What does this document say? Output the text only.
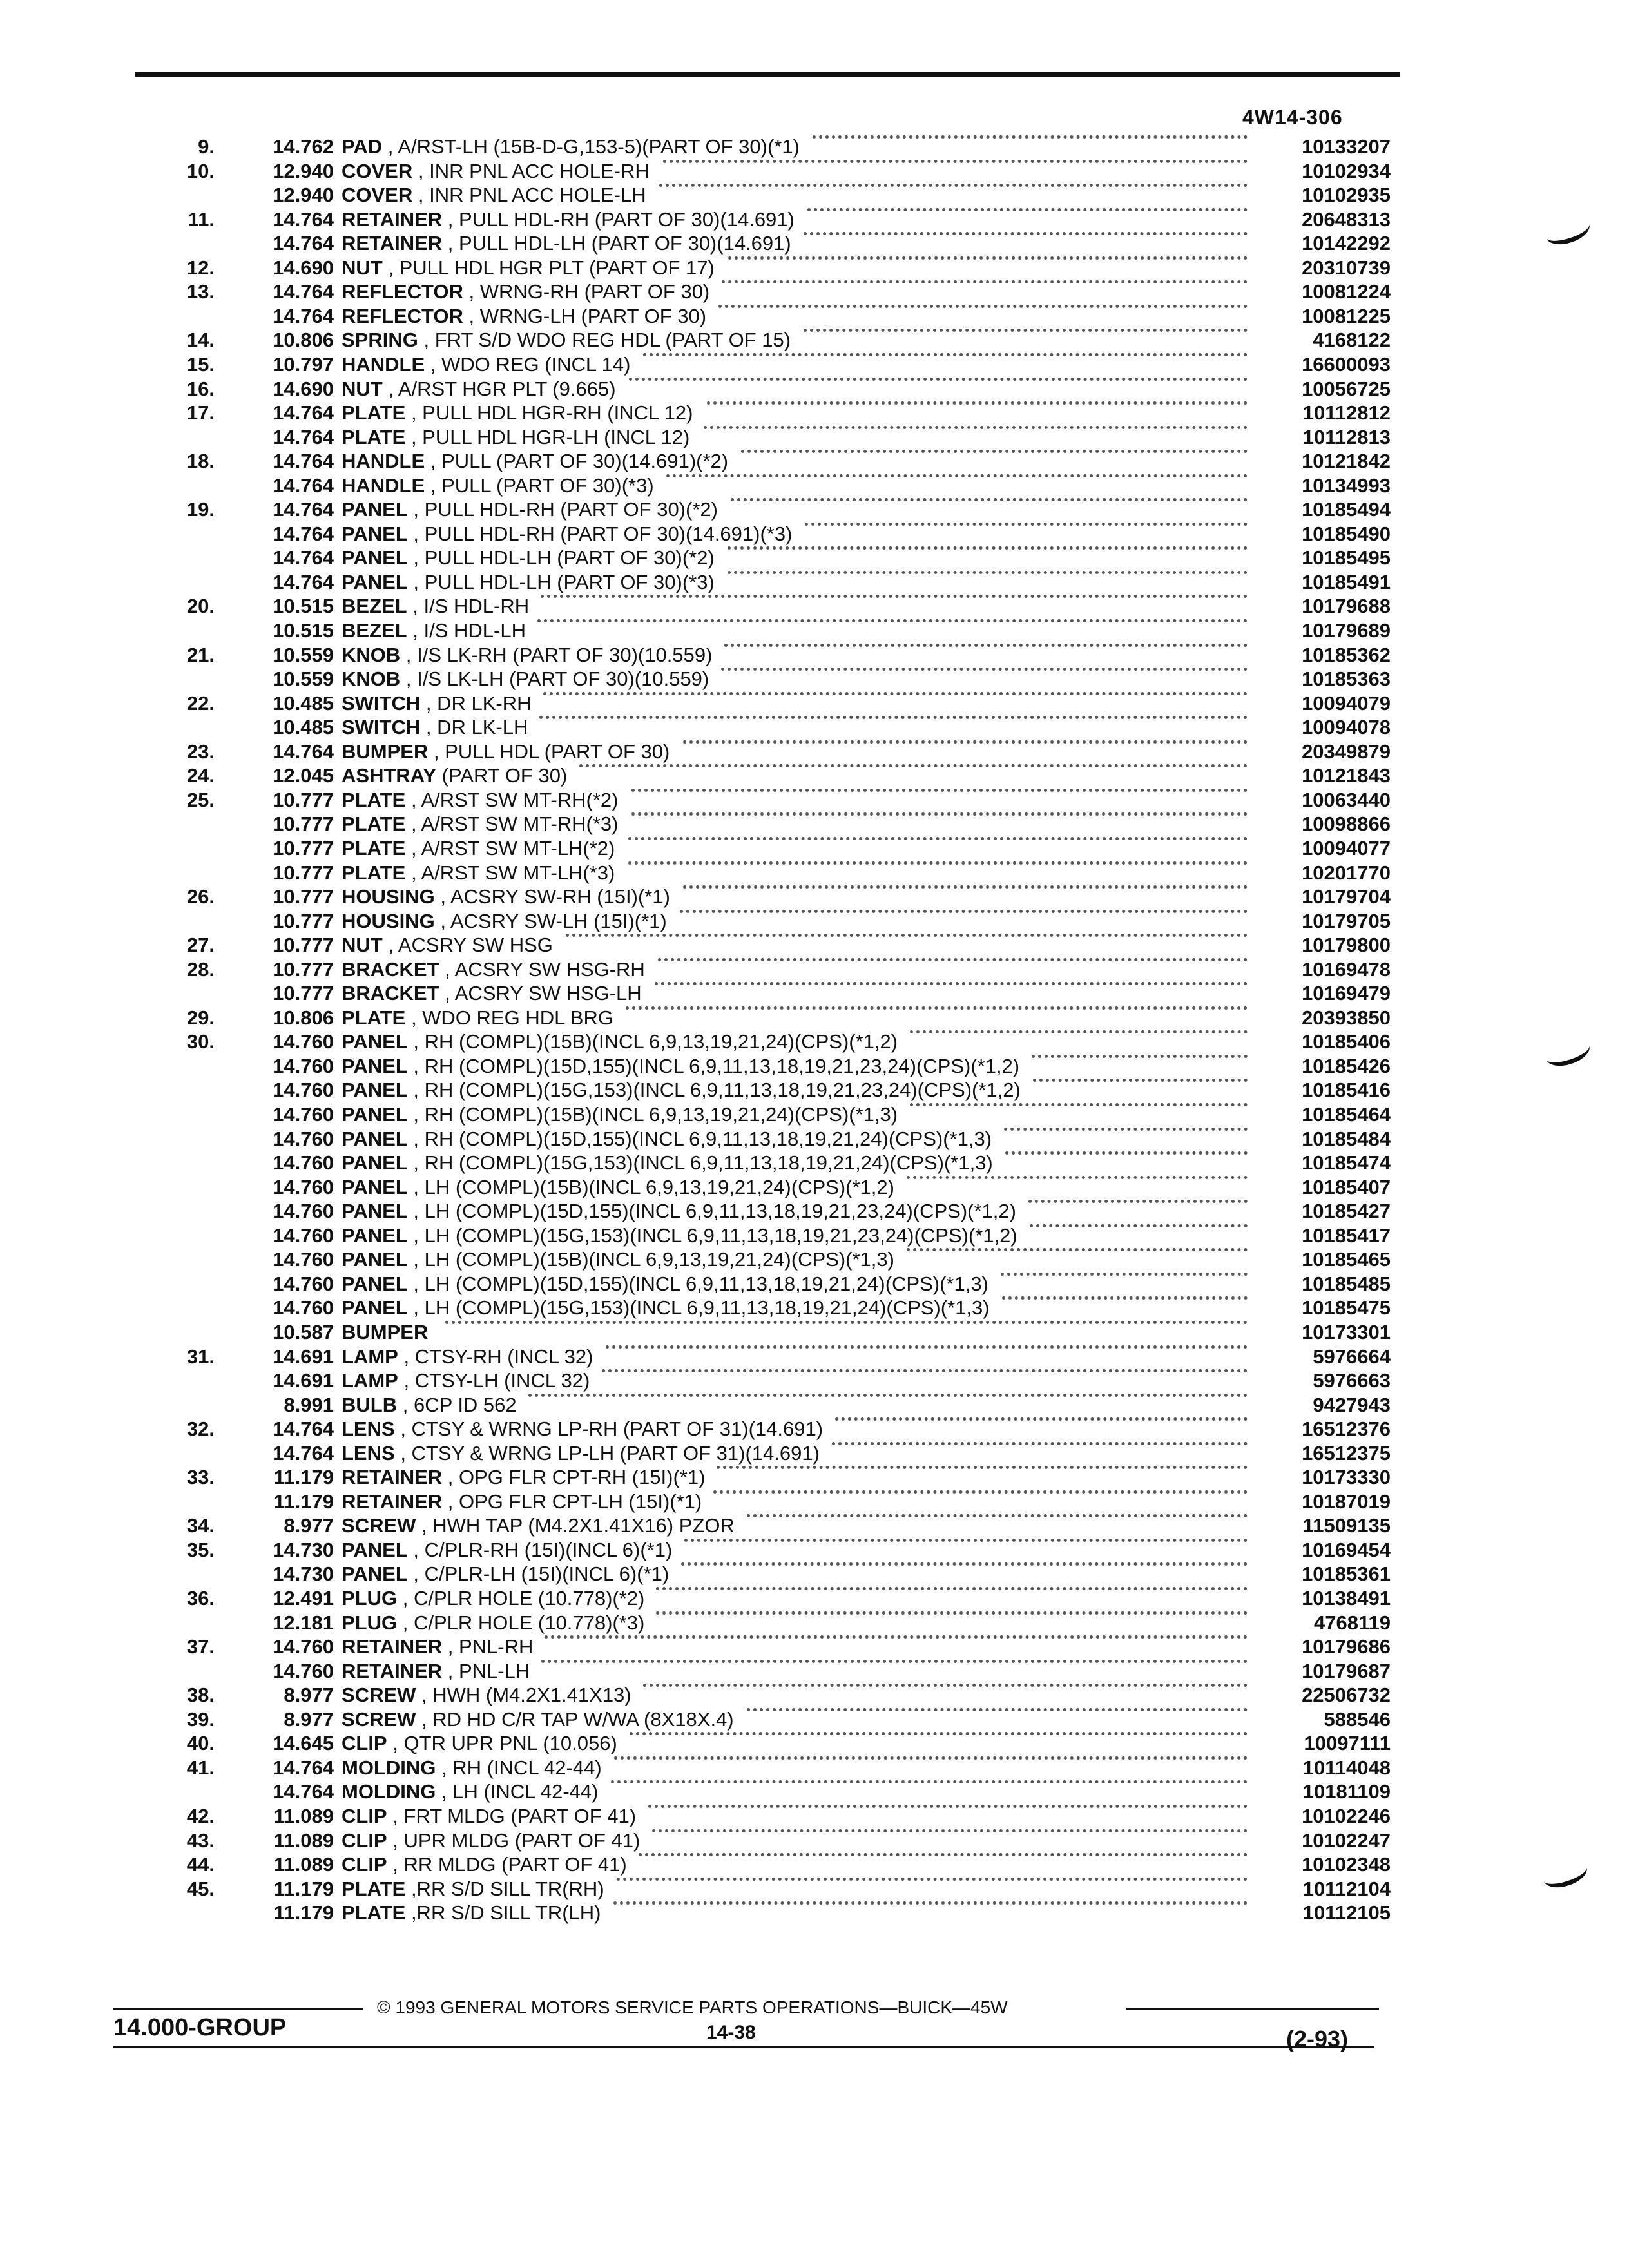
4W14-306
9.	14.762 PAD , A/RST-LH (15B-D-G,153-5)(PART OF 30)(*1)	10133207
10.	12.940 COVER , INR PNL ACC HOLE-RH	10102934
12.940 COVER , INR PNL ACC HOLE-LH	10102935
11.	14.764 RETAINER , PULL HDL-RH (PART OF 30)(14.691)	20648313
14.764 RETAINER , PULL HDL-LH (PART OF 30)(14.691)	10142292
12.	14.690 NUT , PULL HDL HGR PLT (PART OF 17)	20310739
13.	14.764 REFLECTOR , WRNG-RH (PART OF 30)	10081224
14.764 REFLECTOR , WRNG-LH (PART OF 30)	10081225
14.	10.806 SPRING , FRT S/D WDO REG HDL (PART OF 15)	4168122
15.	10.797 HANDLE , WDO REG (INCL 14)	16600093
16.	14.690 NUT , A/RST HGR PLT (9.665)	10056725
17.	14.764 PLATE , PULL HDL HGR-RH (INCL 12)	10112812
14.764 PLATE , PULL HDL HGR-LH (INCL 12)	10112813
18.	14.764 HANDLE , PULL (PART OF 30)(14.691)(*2)	10121842
14.764 HANDLE , PULL (PART OF 30)(*3)	10134993
19.	14.764 PANEL , PULL HDL-RH (PART OF 30)(*2)	10185494
14.764 PANEL , PULL HDL-RH (PART OF 30)(14.691)(*3)	10185490
14.764 PANEL , PULL HDL-LH (PART OF 30)(*2)	10185495
14.764 PANEL , PULL HDL-LH (PART OF 30)(*3)	10185491
20.	10.515 BEZEL , I/S HDL-RH	10179688
10.515 BEZEL , I/S HDL-LH	10179689
21.	10.559 KNOB , I/S LK-RH (PART OF 30)(10.559)	10185362
10.559 KNOB , I/S LK-LH (PART OF 30)(10.559)	10185363
22.	10.485 SWITCH , DR LK-RH	10094079
10.485 SWITCH , DR LK-LH	10094078
23.	14.764 BUMPER , PULL HDL (PART OF 30)	20349879
24.	12.045 ASHTRAY (PART OF 30)	10121843
25.	10.777 PLATE , A/RST SW MT-RH(*2)	10063440
10.777 PLATE , A/RST SW MT-RH(*3)	10098866
10.777 PLATE , A/RST SW MT-LH(*2)	10094077
10.777 PLATE , A/RST SW MT-LH(*3)	10201770
26.	10.777 HOUSING , ACSRY SW-RH (15I)(*1)	10179704
10.777 HOUSING , ACSRY SW-LH (15I)(*1)	10179705
27.	10.777 NUT , ACSRY SW HSG	10179800
28.	10.777 BRACKET , ACSRY SW HSG-RH	10169478
10.777 BRACKET , ACSRY SW HSG-LH	10169479
29.	10.806 PLATE , WDO REG HDL BRG	20393850
30.	14.760 PANEL , RH (COMPL)(15B)(INCL 6,9,13,19,21,24)(CPS)(*1,2)	10185406
14.760 PANEL , RH (COMPL)(15D,155)(INCL 6,9,11,13,18,19,21,23,24)(CPS)(*1,2)	10185426
14.760 PANEL , RH (COMPL)(15G,153)(INCL 6,9,11,13,18,19,21,23,24)(CPS)(*1,2)	10185416
14.760 PANEL , RH (COMPL)(15B)(INCL 6,9,13,19,21,24)(CPS)(*1,3)	10185464
14.760 PANEL , RH (COMPL)(15D,155)(INCL 6,9,11,13,18,19,21,24)(CPS)(*1,3)	10185484
14.760 PANEL , RH (COMPL)(15G,153)(INCL 6,9,11,13,18,19,21,24)(CPS)(*1,3)	10185474
14.760 PANEL , LH (COMPL)(15B)(INCL 6,9,13,19,21,24)(CPS)(*1,2)	10185407
14.760 PANEL , LH (COMPL)(15D,155)(INCL 6,9,11,13,18,19,21,23,24)(CPS)(*1,2)	10185427
14.760 PANEL , LH (COMPL)(15G,153)(INCL 6,9,11,13,18,19,21,23,24)(CPS)(*1,2)	10185417
14.760 PANEL , LH (COMPL)(15B)(INCL 6,9,13,19,21,24)(CPS)(*1,3)	10185465
14.760 PANEL , LH (COMPL)(15D,155)(INCL 6,9,11,13,18,19,21,24)(CPS)(*1,3)	10185485
14.760 PANEL , LH (COMPL)(15G,153)(INCL 6,9,11,13,18,19,21,24)(CPS)(*1,3)	10185475
10.587 BUMPER	10173301
31.	14.691 LAMP , CTSY-RH (INCL 32)	5976664
14.691 LAMP , CTSY-LH (INCL 32)	5976663
8.991 BULB , 6CP ID 562	9427943
32.	14.764 LENS , CTSY & WRNG LP-RH (PART OF 31)(14.691)	16512376
14.764 LENS , CTSY & WRNG LP-LH (PART OF 31)(14.691)	16512375
33.	11.179 RETAINER , OPG FLR CPT-RH (15I)(*1)	10173330
11.179 RETAINER , OPG FLR CPT-LH (15I)(*1)	10187019
34.	8.977 SCREW , HWH TAP (M4.2X1.41X16) PZOR	11509135
35.	14.730 PANEL , C/PLR-RH (15I)(INCL 6)(*1)	10169454
14.730 PANEL , C/PLR-LH (15I)(INCL 6)(*1)	10185361
36.	12.491 PLUG , C/PLR HOLE (10.778)(*2)	10138491
12.181 PLUG , C/PLR HOLE (10.778)(*3)	4768119
37.	14.760 RETAINER , PNL-RH	10179686
14.760 RETAINER , PNL-LH	10179687
38.	8.977 SCREW , HWH (M4.2X1.41X13)	22506732
39.	8.977 SCREW , RD HD C/R TAP W/WA (8X18X.4)	588546
40.	14.645 CLIP , QTR UPR PNL (10.056)	10097111
41.	14.764 MOLDING , RH (INCL 42-44)	10114048
14.764 MOLDING , LH (INCL 42-44)	10181109
42.	11.089 CLIP , FRT MLDG (PART OF 41)	10102246
43.	11.089 CLIP , UPR MLDG (PART OF 41)	10102247
44.	11.089 CLIP , RR MLDG (PART OF 41)	10102348
45.	11.179 PLATE ,RR S/D SILL TR(RH)	10112104
11.179 PLATE ,RR S/D SILL TR(LH)	10112105
14.000-GROUP
© 1993 GENERAL MOTORS SERVICE PARTS OPERATIONS—BUICK—45W
14-38	(2-93)
